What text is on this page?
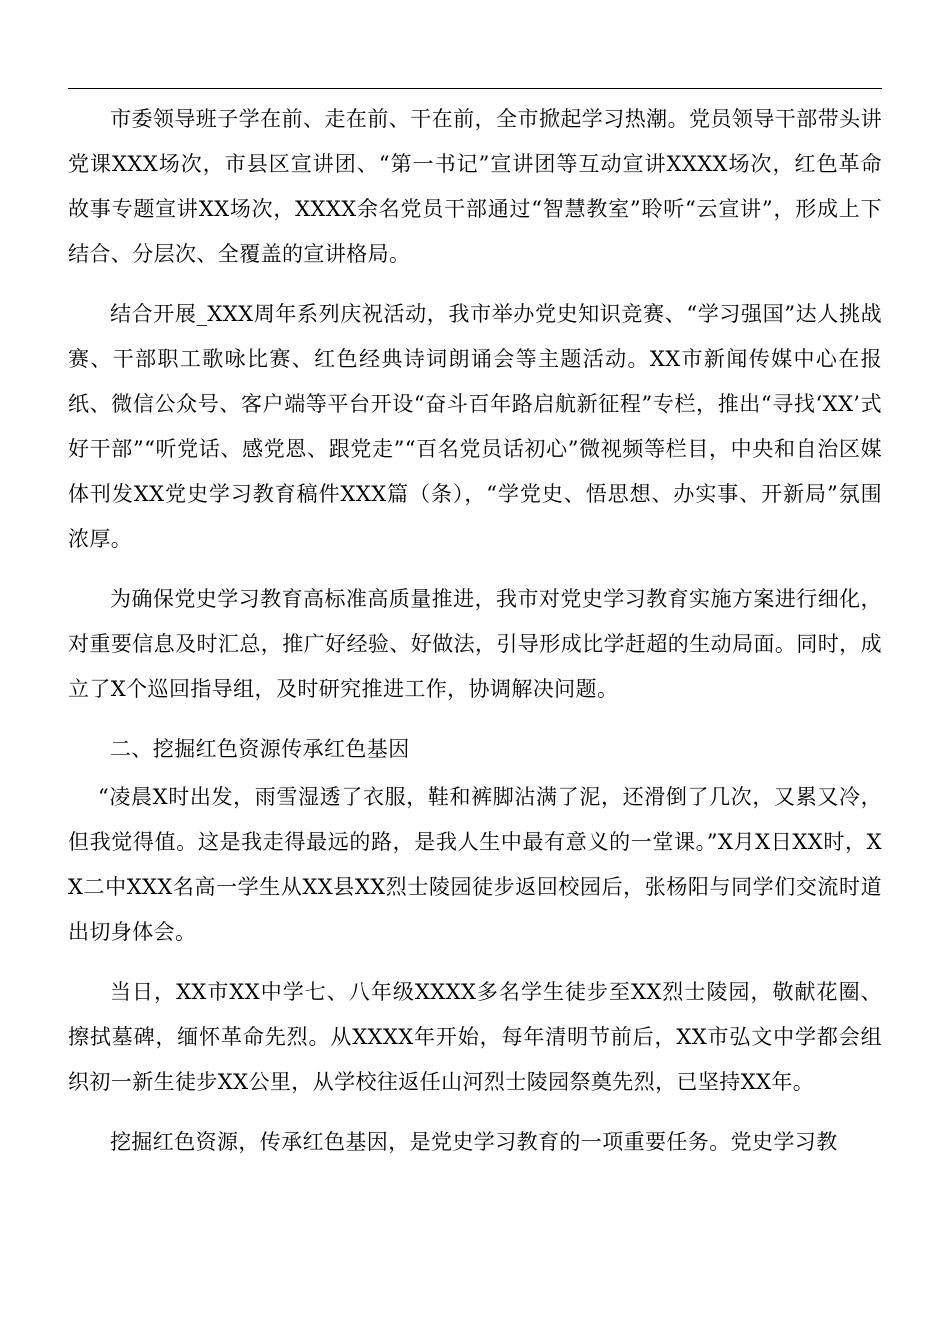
市委领导班子学在前、走在前、干在前，全市掀起学习热潮。党员领导干部带头讲党课XXX场次，市县区宣讲团、“第一书记”宣讲团等互动宣讲XXXX场次，红色革命故事专题宣讲XX场次，XXXX余名党员干部通过“智慧教室”聆听“云宣讲”，形成上下结合、分层次、全覆盖的宣讲格局。

结合开展_XXX周年系列庆祝活动，我市举办党史知识竞赛、“学习强国”达人挑战赛、干部职工歌咏比赛、红色经典诗词朗诵会等主题活动。XX市新闻传媒中心在报纸、微信公众号、客户端等平台开设“奋斗百年路启航新征程”专栏，推出“寻找‘XX’式好干部”“听党话、感党恩、跟党走”“百名党员话初心”微视频等栏目，中央和自治区媒体刊发XX党史学习教育稿件XXX篇（条），“学党史、悟思想、办实事、开新局”氛围浓厚。

为确保党史学习教育高标准高质量推进，我市对党史学习教育实施方案进行细化，对重要信息及时汇总，推广好经验、好做法，引导形成比学赶超的生动局面。同时，成立了X个巡回指导组，及时研究推进工作，协调解决问题。

二、挖掘红色资源传承红色基因

“凌晨X时出发，雨雪湿透了衣服，鞋和裤脚沾满了泥，还滑倒了几次，又累又冷，但我觉得值。这是我走得最远的路，是我人生中最有意义的一堂课。”X月X日XX时，XX二中XXX名高一学生从XX县XX烈士陵园徒步返回校园后，张杨阳与同学们交流时道出切身体会。

当日，XX市XX中学七、八年级XXXX多名学生徒步至XX烈士陵园，敬献花圈、擦拭墓碑，缅怀革命先烈。从XXXX年开始，每年清明节前后，XX市弘文中学都会组织初一新生徒步XX公里，从学校往返任山河烈士陵园祭奠先烈，已坚持XX年。

挖掘红色资源，传承红色基因，是党史学习教育的一项重要任务。党史学习教
